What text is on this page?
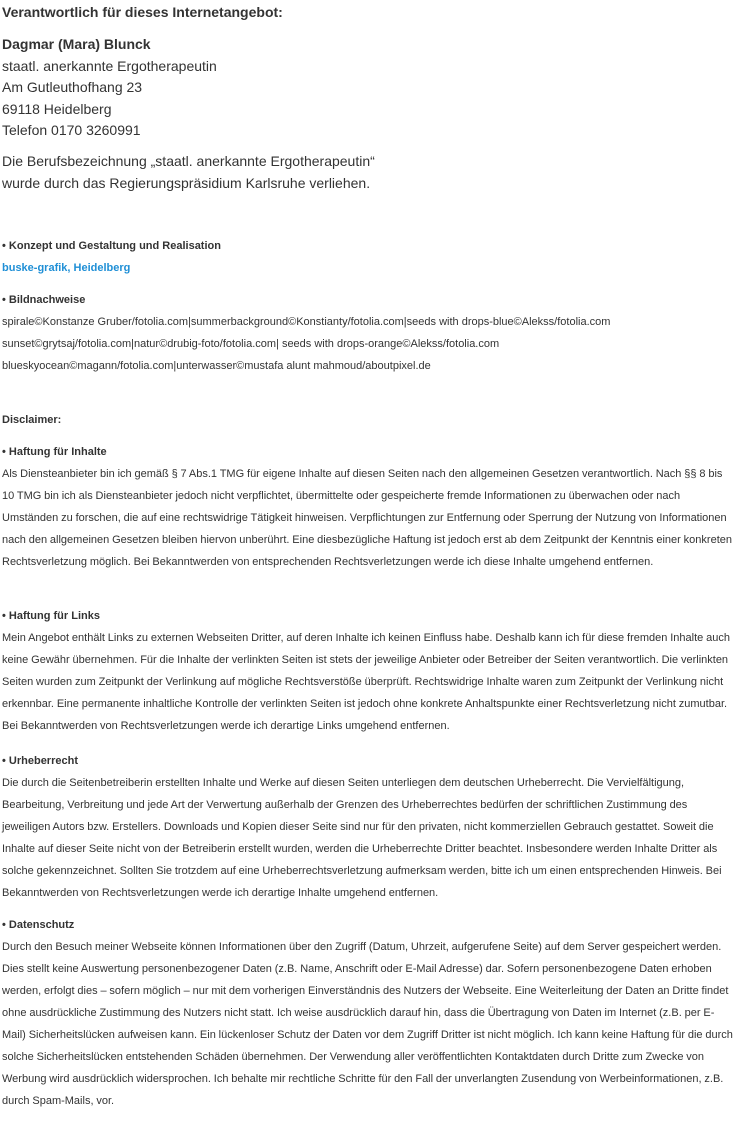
Verantwortlich für dieses Internetangebot:
Dagmar (Mara) Blunck
staatl. anerkannte Ergotherapeutin
Am Gutleuthofhang 23
69118 Heidelberg
Telefon 0170 3260991
Die Berufsbezeichnung „staatl. anerkannte Ergotherapeutin“
wurde durch das Regierungspräsidium Karlsruhe verliehen.
• Konzept und Gestaltung und Realisation
buske-grafik, Heidelberg
• Bildnachweise
spirale©Konstanze Gruber/fotolia.com|summerbackground©Konstianty/fotolia.com|seeds with drops-blue©Alekss/fotolia.com
sunset©grytsaj/fotolia.com|natur©drubig-foto/fotolia.com| seeds with drops-orange©Alekss/fotolia.com
blueskyocean©magann/fotolia.com|unterwasser©mustafa alunt mahmoud/aboutpixel.de
Disclaimer:
• Haftung für Inhalte
Als Diensteanbieter bin ich gemäß § 7 Abs.1 TMG für eigene Inhalte auf diesen Seiten nach den allgemeinen Gesetzen verantwortlich. Nach §§ 8 bis 10 TMG bin ich als Diensteanbieter jedoch nicht verpflichtet, übermittelte oder gespeicherte fremde Informationen zu überwachen oder nach Umständen zu forschen, die auf eine rechtswidrige Tätigkeit hinweisen. Verpflichtungen zur Entfernung oder Sperrung der Nutzung von Informationen nach den allgemeinen Gesetzen bleiben hiervon unberührt. Eine diesbezügliche Haftung ist jedoch erst ab dem Zeitpunkt der Kenntnis einer konkreten Rechtsverletzung möglich. Bei Bekanntwerden von entsprechenden Rechtsverletzungen werde ich diese Inhalte umgehend entfernen.
• Haftung für Links
Mein Angebot enthält Links zu externen Webseiten Dritter, auf deren Inhalte ich keinen Einfluss habe. Deshalb kann ich für diese fremden Inhalte auch keine Gewähr übernehmen. Für die Inhalte der verlinkten Seiten ist stets der jeweilige Anbieter oder Betreiber der Seiten verantwortlich. Die verlinkten Seiten wurden zum Zeitpunkt der Verlinkung auf mögliche Rechtsverstöße überprüft. Rechtswidrige Inhalte waren zum Zeitpunkt der Verlinkung nicht erkennbar. Eine permanente inhaltliche Kontrolle der verlinkten Seiten ist jedoch ohne konkrete Anhaltspunkte einer Rechtsverletzung nicht zumutbar. Bei Bekanntwerden von Rechtsverletzungen werde ich derartige Links umgehend entfernen.
• Urheberrecht
Die durch die Seitenbetreiberin erstellten Inhalte und Werke auf diesen Seiten unterliegen dem deutschen Urheberrecht. Die Vervielfältigung, Bearbeitung, Verbreitung und jede Art der Verwertung außerhalb der Grenzen des Urheberrechtes bedürfen der schriftlichen Zustimmung des jeweiligen Autors bzw. Erstellers. Downloads und Kopien dieser Seite sind nur für den privaten, nicht kommerziellen Gebrauch gestattet. Soweit die Inhalte auf dieser Seite nicht von der Betreiberin erstellt wurden, werden die Urheberrechte Dritter beachtet. Insbesondere werden Inhalte Dritter als solche gekennzeichnet. Sollten Sie trotzdem auf eine Urheberrechtsverletzung aufmerksam werden, bitte ich um einen entsprechenden Hinweis. Bei Bekanntwerden von Rechtsverletzungen werde ich derartige Inhalte umgehend entfernen.
• Datenschutz
Durch den Besuch meiner Webseite können Informationen über den Zugriff (Datum, Uhrzeit, aufgerufene Seite) auf dem Server gespeichert werden. Dies stellt keine Auswertung personenbezogener Daten (z.B. Name, Anschrift oder E-Mail Adresse) dar. Sofern personenbezogene Daten erhoben werden, erfolgt dies – sofern möglich – nur mit dem vorherigen Einverständnis des Nutzers der Webseite. Eine Weiterleitung der Daten an Dritte findet ohne ausdrückliche Zustimmung des Nutzers nicht statt. Ich weise ausdrücklich darauf hin, dass die Übertragung von Daten im Internet (z.B. per E-Mail) Sicherheitslücken aufweisen kann. Ein lückenloser Schutz der Daten vor dem Zugriff Dritter ist nicht möglich. Ich kann keine Haftung für die durch solche Sicherheitslücken entstehenden Schäden übernehmen. Der Verwendung aller veröffentlichten Kontaktdaten durch Dritte zum Zwecke von Werbung wird ausdrücklich widersprochen. Ich behalte mir rechtliche Schritte für den Fall der unverlangten Zusendung von Werbeinformationen, z.B. durch Spam-Mails, vor.
